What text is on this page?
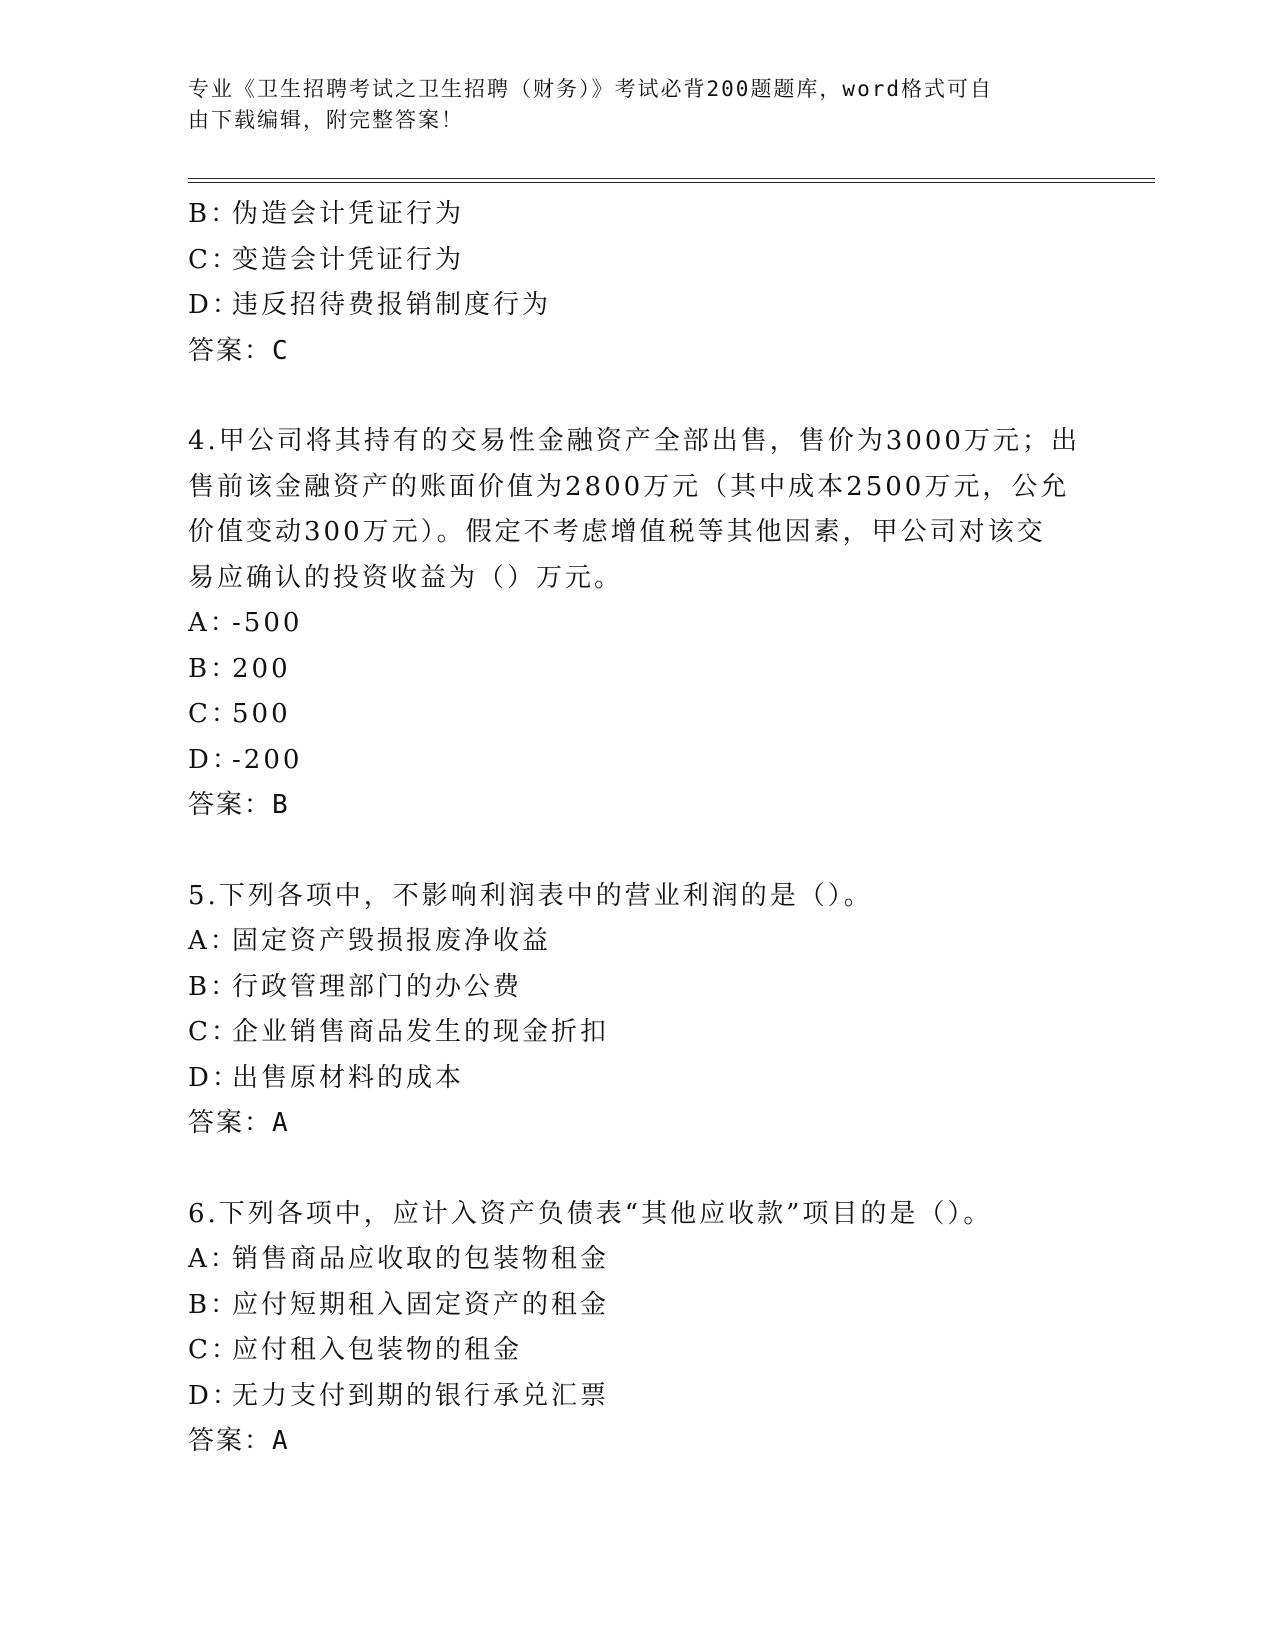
专业《卫生招聘考试之卫生招聘（财务）》考试必背200题题库，word格式可自
由下载编辑，附完整答案！
B：伪造会计凭证行为
C：变造会计凭证行为
D：违反招待费报销制度行为
答案：C
4.甲公司将其持有的交易性金融资产全部出售，售价为3000万元；出
售前该金融资产的账面价值为2800万元（其中成本2500万元，公允
价值变动300万元）。假定不考虑增值税等其他因素，甲公司对该交
易应确认的投资收益为（）万元。
A：-500
B：200
C：500
D：-200
答案：B
5.下列各项中，不影响利润表中的营业利润的是（）。
A：固定资产毁损报废净收益
B：行政管理部门的办公费
C：企业销售商品发生的现金折扣
D：出售原材料的成本
答案：A
6.下列各项中，应计入资产负债表“其他应收款”项目的是（）。
A：销售商品应收取的包装物租金
B：应付短期租入固定资产的租金
C：应付租入包装物的租金
D：无力支付到期的银行承兑汇票
答案：A
